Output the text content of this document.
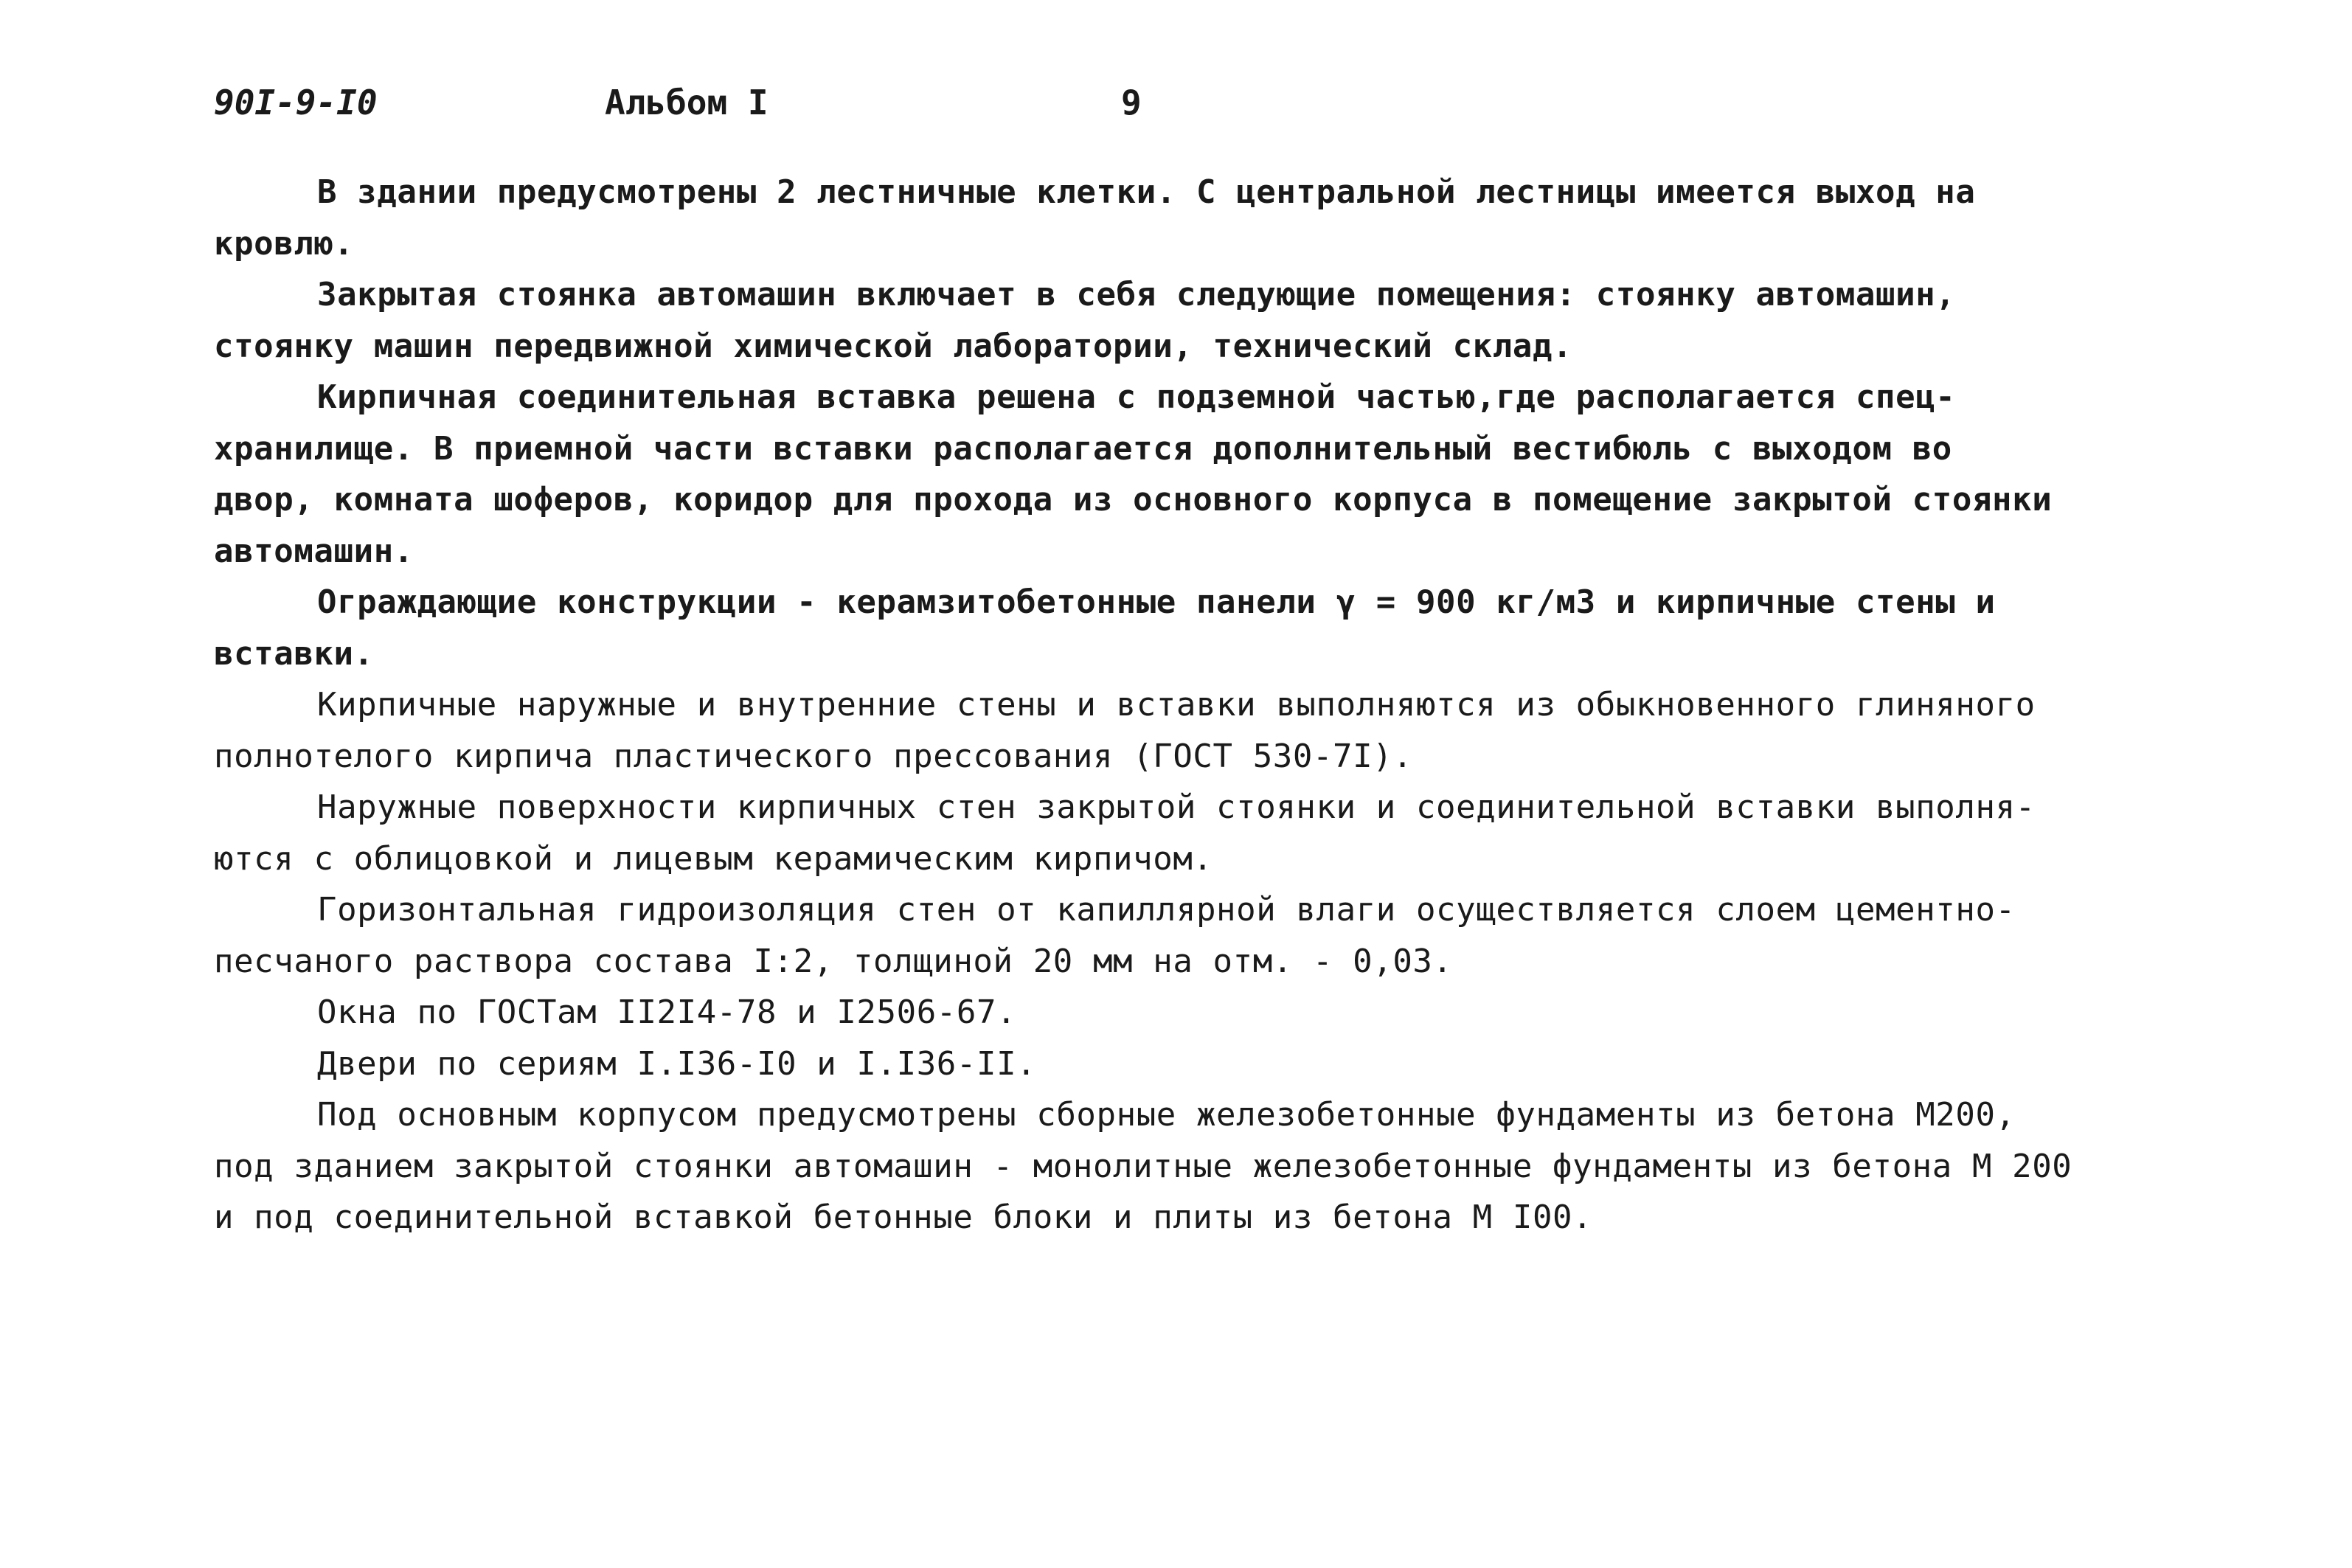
90I-9-I0	Альбом I	9
В здании предусмотрены 2 лестничные клетки. С центральной лестницы имеется выход на
кровлю.
Закрытая стоянка автомашин включает в себя следующие помещения: стоянку автомашин,
стоянку машин передвижной химической лаборатории, технический склад.
Кирпичная соединительная вставка решена с подземной частью,где располагается спец-
хранилище. В приемной части вставки располагается дополнительный вестибюль с выходом во
двор, комната шоферов, коридор для прохода из основного корпуса в помещение закрытой стоянки
автомашин.
Ограждающие конструкции - керамзитобетонные панели γ = 900 кг/м3 и кирпичные стены и
вставки.
Кирпичные наружные и внутренние стены и вставки выполняются из обыкновенного глиняного
полнотелого кирпича пластического прессования (ГОСТ 530-7I).
Наружные поверхности кирпичных стен закрытой стоянки и соединительной вставки выполня-
ются с облицовкой и лицевым керамическим кирпичом.
Горизонтальная гидроизоляция стен от капиллярной влаги осуществляется слоем цементно-
песчаного раствора состава I:2, толщиной 20 мм на отм. - 0,03.
Окна по ГОСТам II2I4-78 и I2506-67.
Двери по сериям I.I36-I0 и I.I36-II.
Под основным корпусом предусмотрены сборные железобетонные фундаменты из бетона М200,
под зданием закрытой стоянки автомашин - монолитные железобетонные фундаменты из бетона М 200
и под соединительной вставкой бетонные блоки и плиты из бетона М I00.
